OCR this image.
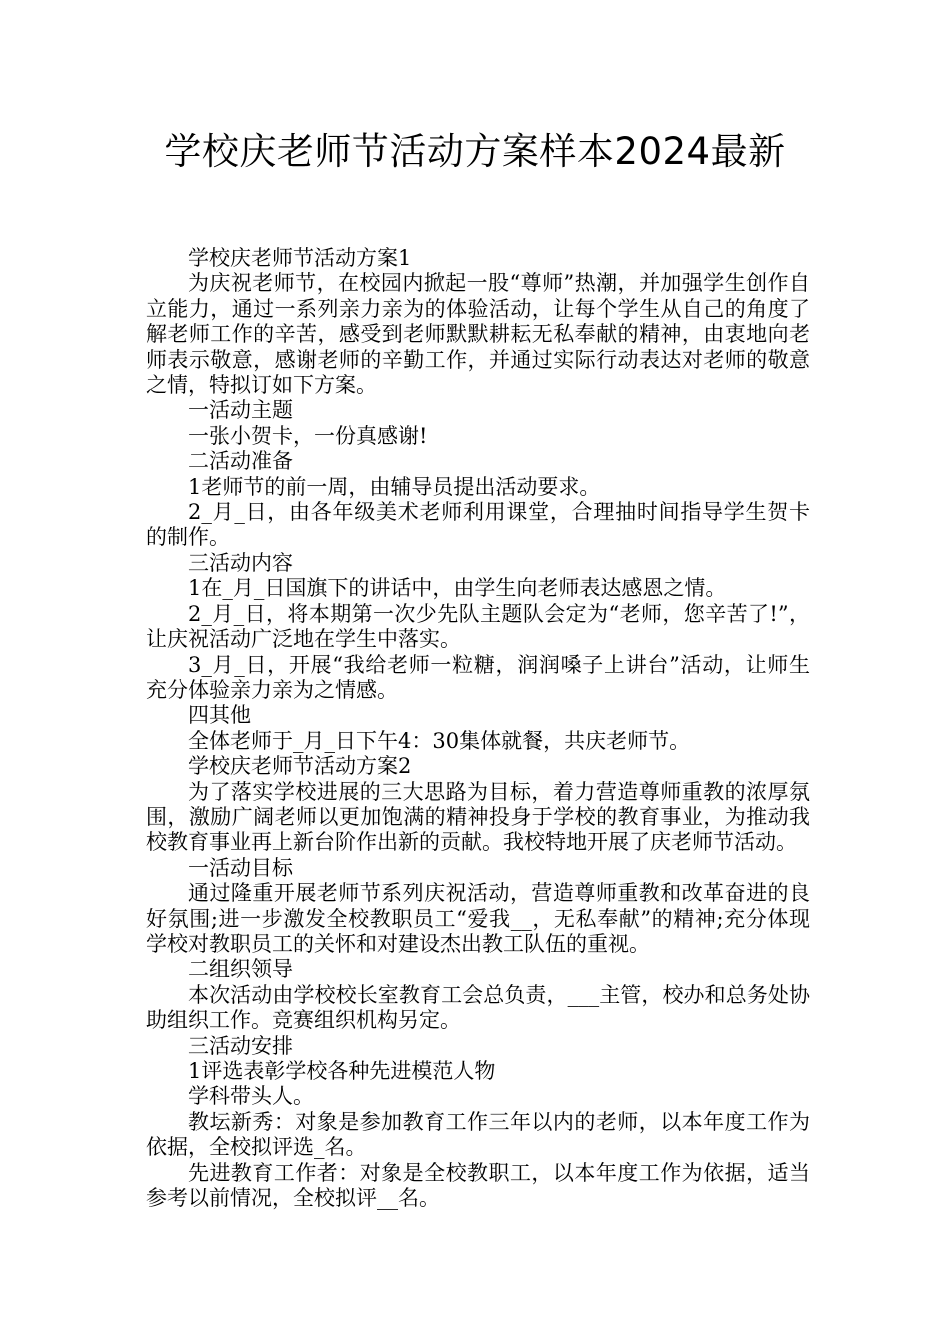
学校庆老师节活动方案样本2024最新

学校庆老师节活动方案1

为庆祝老师节，在校园内掀起一股“尊师”热潮，并加强学生创作自立能力，通过一系列亲力亲为的体验活动，让每个学生从自己的角度了解老师工作的辛苦，感受到老师默默耕耘无私奉献的精神，由衷地向老师表示敬意，感谢老师的辛勤工作，并通过实际行动表达对老师的敬意之情，特拟订如下方案。

一活动主题

一张小贺卡，一份真感谢!

二活动准备

1老师节的前一周，由辅导员提出活动要求。

2_月_日，由各年级美术老师利用课堂，合理抽时间指导学生贺卡的制作。

三活动内容

1在_月_日国旗下的讲话中，由学生向老师表达感恩之情。

2_月_日，将本期第一次少先队主题队会定为“老师，您辛苦了!”，让庆祝活动广泛地在学生中落实。

3_月_日，开展“我给老师一粒糖，润润嗓子上讲台”活动，让师生充分体验亲力亲为之情感。

四其他

全体老师于_月_日下午4：30集体就餐，共庆老师节。

学校庆老师节活动方案2

为了落实学校进展的三大思路为目标，着力营造尊师重教的浓厚氛围，激励广阔老师以更加饱满的精神投身于学校的教育事业，为推动我校教育事业再上新台阶作出新的贡献。我校特地开展了庆老师节活动。

一活动目标

通过隆重开展老师节系列庆祝活动，营造尊师重教和改革奋进的良好氛围;进一步激发全校教职员工“爱我__，无私奉献”的精神;充分体现学校对教职员工的关怀和对建设杰出教工队伍的重视。

二组织领导

本次活动由学校校长室教育工会总负责，___主管，校办和总务处协助组织工作。竞赛组织机构另定。

三活动安排

1评选表彰学校各种先进模范人物

学科带头人。

教坛新秀：对象是参加教育工作三年以内的老师，以本年度工作为依据，全校拟评选_名。

先进教育工作者：对象是全校教职工，以本年度工作为依据，适当参考以前情况，全校拟评__名。
